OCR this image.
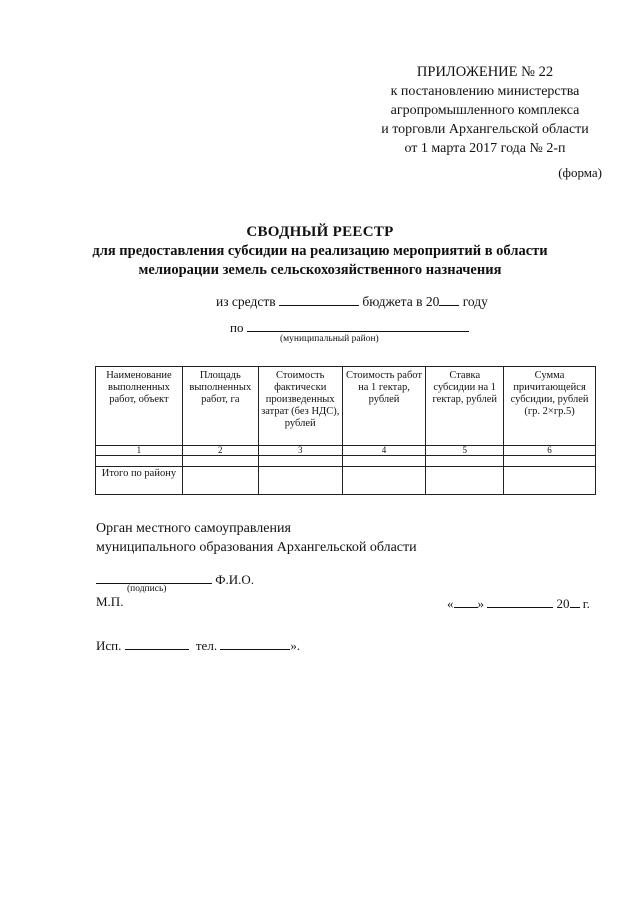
ПРИЛОЖЕНИЕ № 22
к постановлению министерства
агропромышленного комплекса
и торговли Архангельской области
от 1 марта 2017 года № 2-п
(форма)
СВОДНЫЙ РЕЕСТР
для предоставления субсидии на реализацию мероприятий в области
мелиорации земель сельскохозяйственного назначения
из средств	бюджета в 20 году
по
(муниципальный район)
Наименование выполненных работ, объект	Площадь выполненных работ, га	Стоимость фактически произведенных затрат (без НДС), рублей	Стоимость работ на 1 гектар, рублей	Ставка субсидии на 1 гектар, рублей	Сумма причитающейся субсидии, рублей (гр. 2×гр.5)
1	2	3	4	5	6

Итого по району					
Орган местного самоуправления
муниципального образования Архангельской области
Ф.И.О.
(подпись)
М.П.	« »	20 г.
Исп.	тел.	».
